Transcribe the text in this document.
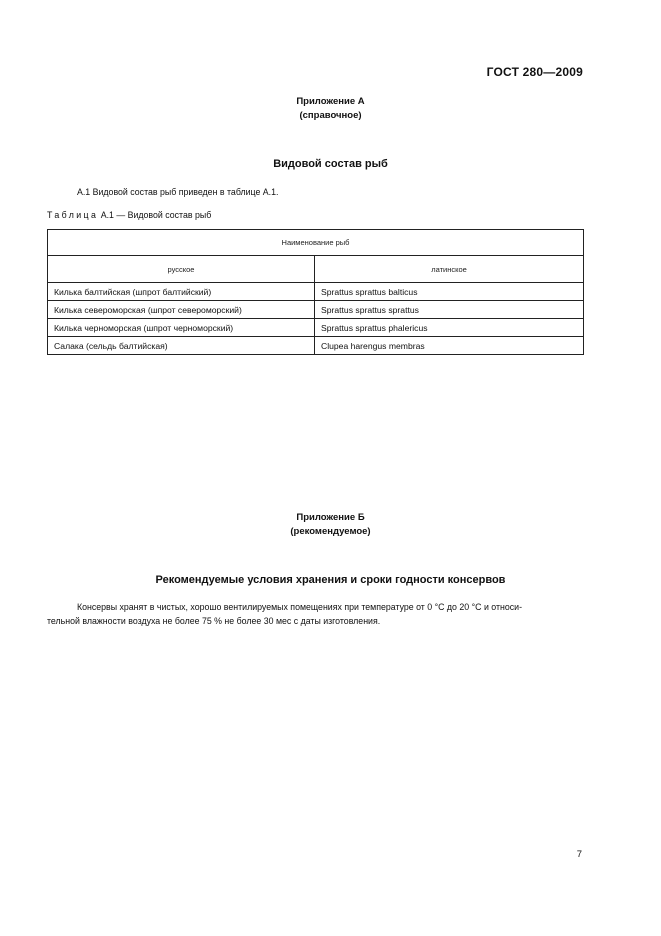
ГОСТ 280—2009
Приложение А
(справочное)
Видовой состав рыб
А.1 Видовой состав рыб приведен в таблице А.1.
Таблица А.1 — Видовой состав рыб
Наименование рыб	
русское	латинское
Килька балтийская (шпрот балтийский)	Sprattus sprattus balticus
Килька североморская (шпрот североморский)	Sprattus sprattus sprattus
Килька черноморская (шпрот черноморский)	Sprattus sprattus phalericus
Салака (сельдь балтийская)	Clupea harengus membras
Приложение Б
(рекомендуемое)
Рекомендуемые условия хранения и сроки годности консервов
Консервы хранят в чистых, хорошо вентилируемых помещениях при температуре от 0 °С до 20 °С и относи-
тельной влажности воздуха не более 75 % не более 30 мес с даты изготовления.
7
